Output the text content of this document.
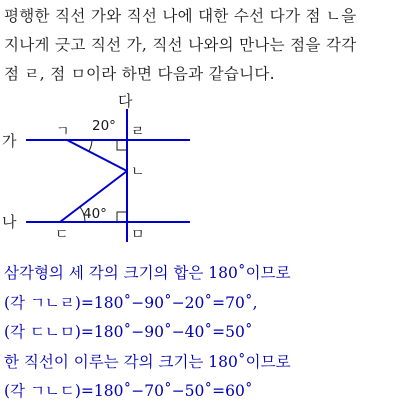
평행한 직선 가와 직선 나에 대한 수선 다가 점 ㄴ을

지나게 긋고 직선 가, 직선 나와의 만나는 점을 각각

점 ㄹ, 점 ㅁ이라 하면 다음과 같습니다.

가
나
다
ㄱ	ㄹ
ㄴ
ㄷ	ㅁ
20°
40°

삼각형의 세 각의 크기의 합은 180˚이므로

(각 ㄱㄴㄹ)=180˚−90˚−20˚=70˚,

(각 ㄷㄴㅁ)=180˚−90˚−40˚=50˚

한 직선이 이루는 각의 크기는 180˚이므로

(각 ㄱㄴㄷ)=180˚−70˚−50˚=60˚
